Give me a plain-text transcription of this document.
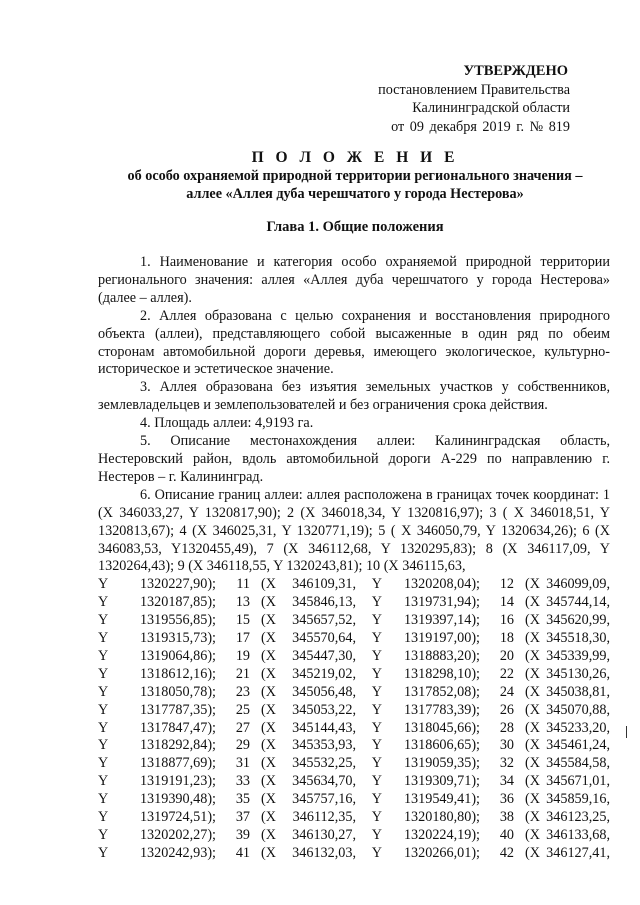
УТВЕРЖДЕНО
постановлением Правительства
Калининградской области
от 09 декабря 2019 г. № 819
П О Л О Ж Е Н И Е
об особо охраняемой природной территории регионального значения –
аллее «Аллея дуба черешчатого у города Нестерова»
Глава 1. Общие положения

1. Наименование и категория особо охраняемой природной территории регионального значения: аллея «Аллея дуба черешчатого у города Нестерова» (далее – аллея).

2. Аллея образована с целью сохранения и восстановления природного объекта (аллеи), представляющего собой высаженные в один ряд по обеим сторонам автомобильной дороги деревья, имеющего экологическое, культурно-историческое и эстетическое значение.

3. Аллея образована без изъятия земельных участков у собственников, землевладельцев и землепользователей и без ограничения срока действия.

4. Площадь аллеи: 4,9193 га.

5. Описание местонахождения аллеи: Калининградская область, Нестеровский район, вдоль автомобильной дороги А-229 по направлению г. Нестеров – г. Калининград.

6. Описание границ аллеи: аллея расположена в границах точек координат: 1 (X 346033,27, Y 1320817,90); 2 (X 346018,34, Y 1320816,97); 3 ( X 346018,51, Y 1320813,67); 4 (X 346025,31, Y 1320771,19); 5 ( X 346050,79, Y 1320634,26); 6 (X 346083,53, Y1320455,49), 7 (X 346112,68, Y 1320295,83); 8 (X 346117,09, Y 1320264,43); 9 (X 346118,55, Y 1320243,81); 10 (X 346115,63,

Y	1320227,90);	11	(X	346109,31,	Y	1320208,04);	12	(X	346099,09,
Y	1320187,85);	13	(X	345846,13,	Y	1319731,94);	14	(X	345744,14,
Y	1319556,85);	15	(X	345657,52,	Y	1319397,14);	16	(X	345620,99,
Y	1319315,73);	17	(X	345570,64,	Y	1319197,00);	18	(X	345518,30,
Y	1319064,86);	19	(X	345447,30,	Y	1318883,20);	20	(X	345339,99,
Y	1318612,16);	21	(X	345219,02,	Y	1318298,10);	22	(X	345130,26,
Y	1318050,78);	23	(X	345056,48,	Y	1317852,08);	24	(X	345038,81,
Y	1317787,35);	25	(X	345053,22,	Y	1317783,39);	26	(X	345070,88,
Y	1317847,47);	27	(X	345144,43,	Y	1318045,66);	28	(X	345233,20,
Y	1318292,84);	29	(X	345353,93,	Y	1318606,65);	30	(X	345461,24,
Y	1318877,69);	31	(X	345532,25,	Y	1319059,35);	32	(X	345584,58,
Y	1319191,23);	33	(X	345634,70,	Y	1319309,71);	34	(X	345671,01,
Y	1319390,48);	35	(X	345757,16,	Y	1319549,41);	36	(X	345859,16,
Y	1319724,51);	37	(X	346112,35,	Y	1320180,80);	38	(X	346123,25,
Y	1320202,27);	39	(X	346130,27,	Y	1320224,19);	40	(X	346133,68,
Y	1320242,93);	41	(X	346132,03,	Y	1320266,01);	42	(X	346127,41,
